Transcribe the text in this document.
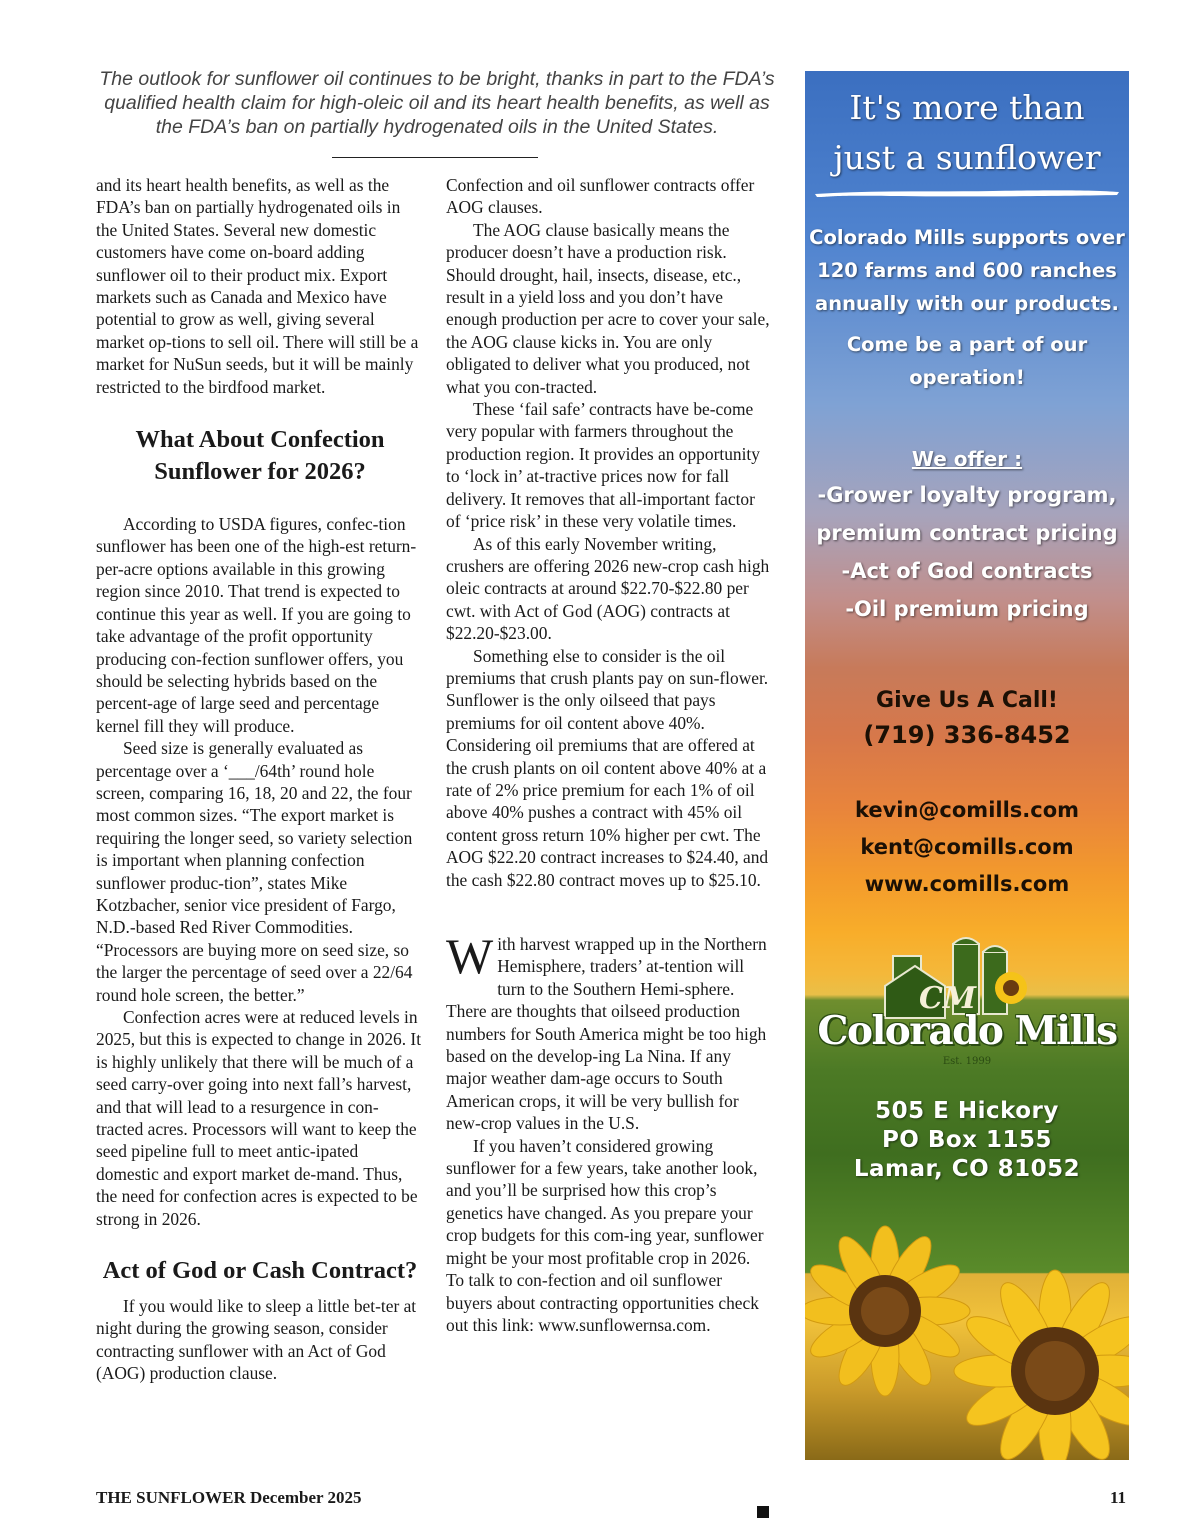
The outlook for sunflower oil continues to be bright, thanks in part to the FDA’s qualified health claim for high-oleic oil and its heart health benefits, as well as the FDA’s ban on partially hydrogenated oils in the United States.

and its heart health benefits, as well as the FDA’s ban on partially hydrogenated oils in the United States. Several new domestic customers have come on-board adding sunflower oil to their product mix. Export markets such as Canada and Mexico have potential to grow as well, giving several market op-tions to sell oil. There will still be a market for NuSun seeds, but it will be mainly restricted to the birdfood market.

What About Confection Sunflower for 2026?

According to USDA figures, confec-tion sunflower has been one of the high-est return-per-acre options available in this growing region since 2010. That trend is expected to continue this year as well. If you are going to take advantage of the profit opportunity producing con-fection sunflower offers, you should be selecting hybrids based on the percent-age of large seed and percentage kernel fill they will produce.

Seed size is generally evaluated as percentage over a ‘___/64th’ round hole screen, comparing 16, 18, 20 and 22, the four most common sizes. “The export market is requiring the longer seed, so variety selection is important when planning confection sunflower produc-tion”, states Mike Kotzbacher, senior vice president of Fargo, N.D.-based Red River Commodities. “Processors are buying more on seed size, so the larger the percentage of seed over a 22/64 round hole screen, the better.”

Confection acres were at reduced levels in 2025, but this is expected to change in 2026. It is highly unlikely that there will be much of a seed carry-over going into next fall’s harvest, and that will lead to a resurgence in con-tracted acres. Processors will want to keep the seed pipeline full to meet antic-ipated domestic and export market de-mand. Thus, the need for confection acres is expected to be strong in 2026.

Act of God or Cash Contract?

If you would like to sleep a little bet-ter at night during the growing season, consider contracting sunflower with an Act of God (AOG) production clause.

Confection and oil sunflower contracts offer AOG clauses.

The AOG clause basically means the producer doesn’t have a production risk. Should drought, hail, insects, disease, etc., result in a yield loss and you don’t have enough production per acre to cover your sale, the AOG clause kicks in. You are only obligated to deliver what you produced, not what you con-tracted.

These ‘fail safe’ contracts have be-come very popular with farmers throughout the production region. It provides an opportunity to ‘lock in’ at-tractive prices now for fall delivery. It removes that all-important factor of ‘price risk’ in these very volatile times.

As of this early November writing, crushers are offering 2026 new-crop cash high oleic contracts at around $22.70-$22.80 per cwt. with Act of God (AOG) contracts at $22.20-$23.00.

Something else to consider is the oil premiums that crush plants pay on sun-flower. Sunflower is the only oilseed that pays premiums for oil content above 40%. Considering oil premiums that are offered at the crush plants on oil content above 40% at a rate of 2% price premium for each 1% of oil above 40% pushes a contract with 45% oil content gross return 10% higher per cwt. The AOG $22.20 contract increases to $24.40, and the cash $22.80 contract moves up to $25.10.

With harvest wrapped up in the Northern Hemisphere, traders’ at-tention will turn to the Southern Hemi-sphere. There are thoughts that oilseed production numbers for South America might be too high based on the develop-ing La Nina. If any major weather dam-age occurs to South American crops, it will be very bullish for new-crop values in the U.S.

If you haven’t considered growing sunflower for a few years, take another look, and you’ll be surprised how this crop’s genetics have changed. As you prepare your crop budgets for this com-ing year, sunflower might be your most profitable crop in 2026. To talk to con-fection and oil sunflower buyers about contracting opportunities check out this link: www.sunflowernsa.com.

THE SUNFLOWER December 2025	11
It's more than
just a sunflower
Colorado Mills supports over
120 farms and 600 ranches
annually with our products.
Come be a part of our
operation!
We offer :
-Grower loyalty program,
premium contract pricing
-Act of God contracts
-Oil premium pricing
Give Us A Call!
(719) 336-8452
kevin@comills.com
kent@comills.com
www.comills.com
CM
Colorado Mills
Est. 1999
505 E Hickory
PO Box 1155
Lamar, CO 81052
